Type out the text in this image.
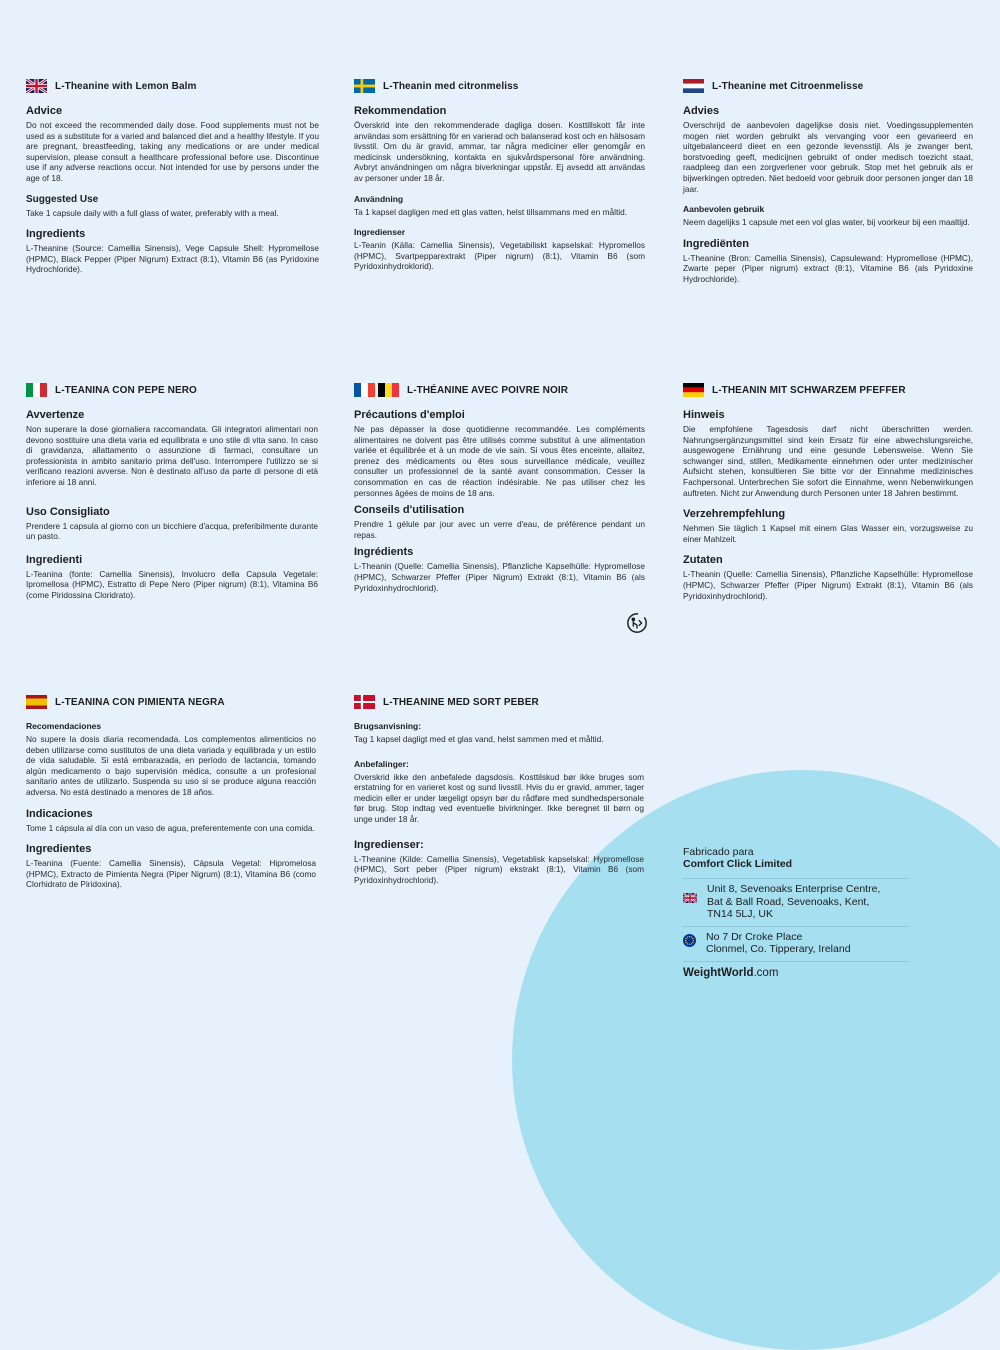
L-Theanine with Lemon Balm
Advice
Do not exceed the recommended daily dose. Food supplements must not be used as a substitute for a varied and balanced diet and a healthy lifestyle. If you are pregnant, breastfeeding, taking any medications or are under medical supervision, please consult a healthcare professional before use. Discontinue use if any adverse reactions occur. Not intended for use by persons under the age of 18.
Suggested Use
Take 1 capsule daily with a full glass of water, preferably with a meal.
Ingredients
L-Theanine (Source: Camellia Sinensis), Vege Capsule Shell: Hypromellose (HPMC), Black Pepper (Piper Nigrum) Extract (8:1), Vitamin B6 (as Pyridoxine Hydrochloride).
L-Theanin med citronmeliss
Rekommendation
Överskrid inte den rekommenderade dagliga dosen. Kosttillskott får inte användas som ersättning för en varierad och balanserad kost och en hälsosam livsstil. Om du är gravid, ammar, tar några mediciner eller genomgår en medicinsk undersökning, kontakta en sjukvårdspersonal före användning. Avbryt användningen om några biverkningar uppstår. Ej avsedd att användas av personer under 18 år.
Användning
Ta 1 kapsel dagligen med ett glas vatten, helst tillsammans med en måltid.
Ingredienser
L-Teanin (Källa: Camellia Sinensis), Vegetabiliskt kapselskal: Hypromellos (HPMC), Svartpepparextrakt (Piper nigrum) (8:1), Vitamin B6 (som Pyridoxinhydroklorid).
L-Theanine met Citroenmelisse
Advies
Overschrijd de aanbevolen dagelijkse dosis niet. Voedingssupplementen mogen niet worden gebruikt als vervanging voor een gevarieerd en uitgebalanceerd dieet en een gezonde levensstijl. Als je zwanger bent, borstvoeding geeft, medicijnen gebruikt of onder medisch toezicht staat, raadpleeg dan een zorgverlener voor gebruik. Stop met het gebruik als er bijwerkingen optreden. Niet bedoeld voor gebruik door personen jonger dan 18 jaar.
Aanbevolen gebruik
Neem dagelijks 1 capsule met een vol glas water, bij voorkeur bij een maaltijd.
Ingrediënten
L-Theanine (Bron: Camellia Sinensis), Capsulewand: Hypromellose (HPMC), Zwarte peper (Piper nigrum) extract (8:1), Vitamine B6 (als Pyridoxine Hydrochloride).
L-TEANINA CON PEPE NERO
Avvertenze
Non superare la dose giornaliera raccomandata. Gli integratori alimentari non devono sostituire una dieta varia ed equilibrata e uno stile di vita sano. In caso di gravidanza, allattamento o assunzione di farmaci, consultare un professionista in ambito sanitario prima dell'uso. Interrompere l'utilizzo se si verificano reazioni avverse. Non è destinato all'uso da parte di persone di età inferiore ai 18 anni.
Uso Consigliato
Prendere 1 capsula al giorno con un bicchiere d'acqua, preferibilmente durante un pasto.
Ingredienti
L-Teanina (fonte: Camellia Sinensis), Involucro della Capsula Vegetale: Ipromellosa (HPMC), Estratto di Pepe Nero (Piper nigrum) (8:1), Vitamina B6 (come Piridossina Cloridrato).
L-THÉANINE AVEC POIVRE NOIR
Précautions d'emploi
Ne pas dépasser la dose quotidienne recommandée. Les compléments alimentaires ne doivent pas être utilisés comme substitut à une alimentation variée et équilibrée et à un mode de vie sain. Si vous êtes enceinte, allaitez, prenez des médicaments ou êtes sous surveillance médicale, veuillez consulter un professionnel de la santé avant consommation. Cesser la consommation en cas de réaction indésirable. Ne pas utiliser chez les personnes âgées de moins de 18 ans.
Conseils d'utilisation
Prendre 1 gélule par jour avec un verre d'eau, de préférence pendant un repas.
Ingrédients
L-Theanin (Quelle: Camellia Sinensis), Pflanzliche Kapselhülle: Hypromellose (HPMC), Schwarzer Pfeffer (Piper Nigrum) Extrakt (8:1), Vitamin B6 (als Pyridoxinhydrochlorid).
L-THEANIN MIT SCHWARZEM PFEFFER
Hinweis
Die empfohlene Tagesdosis darf nicht überschritten werden. Nahrungsergänzungsmittel sind kein Ersatz für eine abwechslungsreiche, ausgewogene Ernährung und eine gesunde Lebensweise. Wenn Sie schwanger sind, stillen, Medikamente einnehmen oder unter medizinischer Aufsicht stehen, konsultieren Sie bitte vor der Einnahme medizinisches Fachpersonal. Unterbrechen Sie sofort die Einnahme, wenn Nebenwirkungen auftreten. Nicht zur Anwendung durch Personen unter 18 Jahren bestimmt.
Verzehrempfehlung
Nehmen Sie täglich 1 Kapsel mit einem Glas Wasser ein, vorzugsweise zu einer Mahlzeit.
Zutaten
L-Theanin (Quelle: Camellia Sinensis), Pflanzliche Kapselhülle: Hypromellose (HPMC), Schwarzer Pfeffer (Piper Nigrum) Extrakt (8:1), Vitamin B6 (als Pyridoxinhydrochlorid).
L-TEANINA CON PIMIENTA NEGRA
Recomendaciones
No supere la dosis diaria recomendada. Los complementos alimenticios no deben utilizarse como sustitutos de una dieta variada y equilibrada y un estilo de vida saludable. Si está embarazada, en período de lactancia, tomando algún medicamento o bajo supervisión médica, consulte a un profesional sanitario antes de utilizarlo. Suspenda su uso si se produce alguna reacción adversa. No está destinado a menores de 18 años.
Indicaciones
Tome 1 cápsula al día con un vaso de agua, preferentemente con una comida.
Ingredientes
L-Teanina (Fuente: Camellia Sinensis), Cápsula Vegetal: Hipromelosa (HPMC), Extracto de Pimienta Negra (Piper Nigrum) (8:1), Vitamina B6 (como Clorhidrato de Piridoxina).
L-THEANINE MED SORT PEBER
Brugsanvisning:
Tag 1 kapsel dagligt med et glas vand, helst sammen med et måltid.
Anbefalinger:
Overskrid ikke den anbefalede dagsdosis. Kosttilskud bør ikke bruges som erstatning for en varieret kost og sund livsstil. Hvis du er gravid, ammer, tager medicin eller er under lægeligt opsyn bør du rådføre med sundhedspersonale før brug. Stop indtag ved eventuelle bivirkninger. Ikke beregnet til børn og unge under 18 år.
Ingredienser:
L-Theanine (Kilde: Camellia Sinensis), Vegetablisk kapselskal: Hypromellose (HPMC), Sort peber (Piper nigrum) ekstrakt (8:1), Vitamin B6 (som Pyridoxinhydrochlorid).
Fabricado para
Comfort Click Limited
Unit 8, Sevenoaks Enterprise Centre,
Bat & Ball Road, Sevenoaks, Kent,
TN14 5LJ, UK
No 7 Dr Croke Place
Clonmel, Co. Tipperary, Ireland
WeightWorld.com
